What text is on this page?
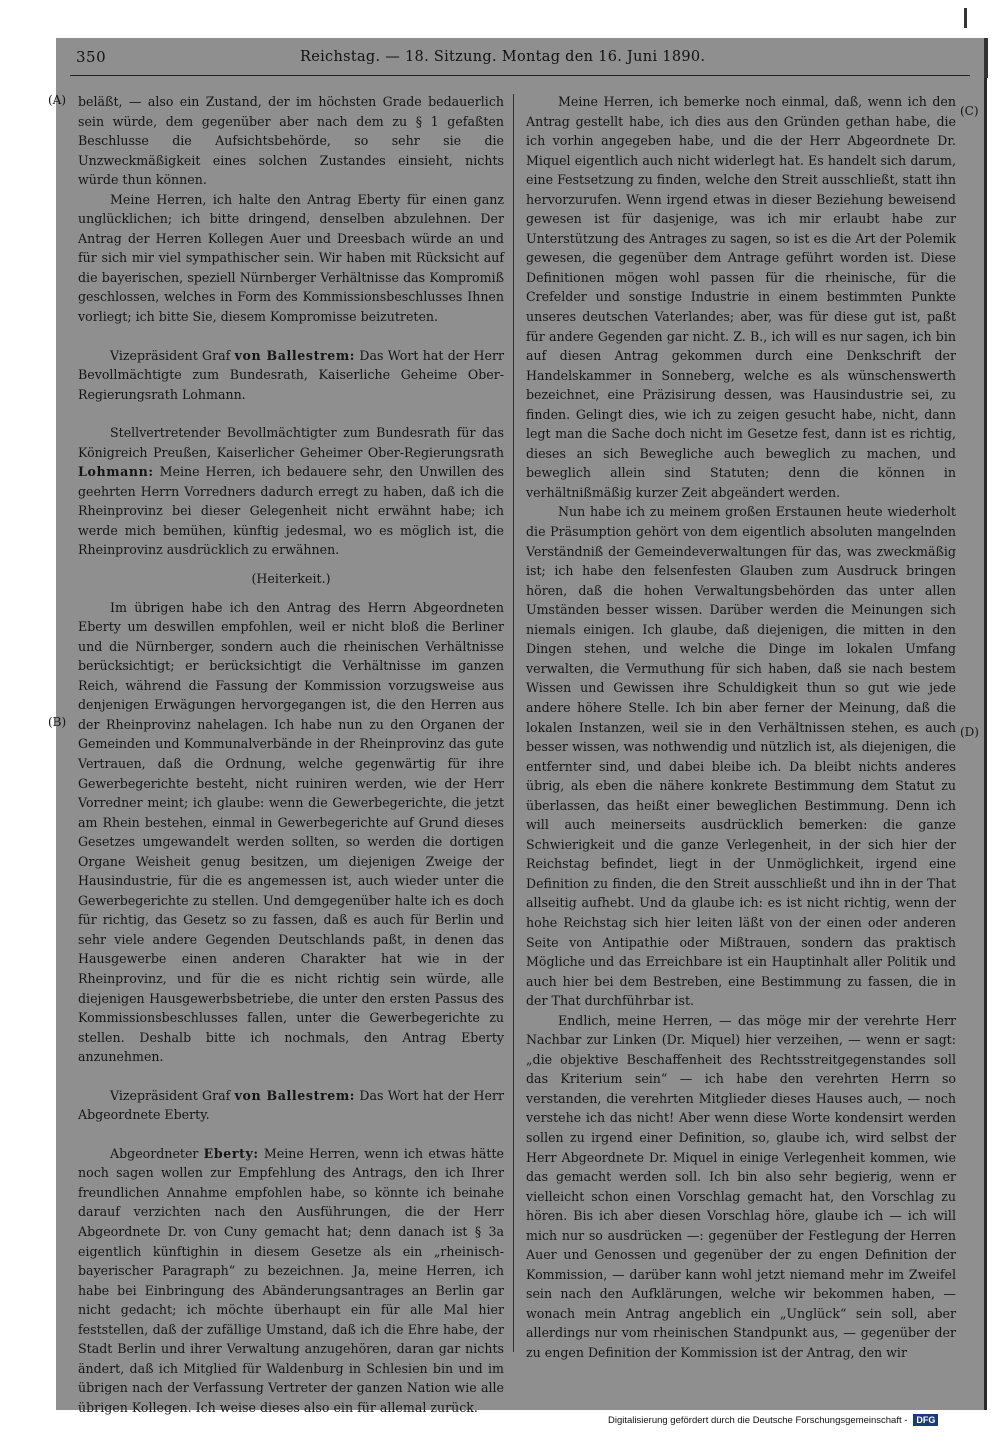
350	Reichstag. — 18. Sitzung. Montag den 16. Juni 1890.
(A)
(B)
(C)
(D)

beläßt, — also ein Zustand, der im höchsten Grade bedauerlich sein würde, dem gegenüber aber nach dem zu § 1 gefaßten Beschlusse die Aufsichtsbehörde, so sehr sie die Unzweckmäßigkeit eines solchen Zustandes einsieht, nichts würde thun können.

Meine Herren, ich halte den Antrag Eberty für einen ganz unglücklichen; ich bitte dringend, denselben abzulehnen. Der Antrag der Herren Kollegen Auer und Dreesbach würde an und für sich mir viel sympathischer sein. Wir haben mit Rücksicht auf die bayerischen, speziell Nürnberger Verhältnisse das Kompromiß geschlossen, welches in Form des Kommissionsbeschlusses Ihnen vorliegt; ich bitte Sie, diesem Kompromisse beizutreten.

Vizepräsident Graf von Ballestrem: Das Wort hat der Herr Bevollmächtigte zum Bundesrath, Kaiserliche Geheime Ober-Regierungsrath Lohmann.

Stellvertretender Bevollmächtigter zum Bundesrath für das Königreich Preußen, Kaiserlicher Geheimer Ober-Regierungsrath Lohmann: Meine Herren, ich bedauere sehr, den Unwillen des geehrten Herrn Vorredners dadurch erregt zu haben, daß ich die Rheinprovinz bei dieser Gelegenheit nicht erwähnt habe; ich werde mich bemühen, künftig jedesmal, wo es möglich ist, die Rheinprovinz ausdrücklich zu erwähnen.

(Heiterkeit.)

Im übrigen habe ich den Antrag des Herrn Abgeordneten Eberty um deswillen empfohlen, weil er nicht bloß die Berliner und die Nürnberger, sondern auch die rheinischen Verhältnisse berücksichtigt; er berücksichtigt die Verhältnisse im ganzen Reich, während die Fassung der Kommission vorzugsweise aus denjenigen Erwägungen hervorgegangen ist, die den Herren aus der Rheinprovinz nahelagen. Ich habe nun zu den Organen der Gemeinden und Kommunalverbände in der Rheinprovinz das gute Vertrauen, daß die Ordnung, welche gegenwärtig für ihre Gewerbegerichte besteht, nicht ruiniren werden, wie der Herr Vorredner meint; ich glaube: wenn die Gewerbegerichte, die jetzt am Rhein bestehen, einmal in Gewerbegerichte auf Grund dieses Gesetzes umgewandelt werden sollten, so werden die dortigen Organe Weisheit genug besitzen, um diejenigen Zweige der Hausindustrie, für die es angemessen ist, auch wieder unter die Gewerbegerichte zu stellen. Und demgegenüber halte ich es doch für richtig, das Gesetz so zu fassen, daß es auch für Berlin und sehr viele andere Gegenden Deutschlands paßt, in denen das Hausgewerbe einen anderen Charakter hat wie in der Rheinprovinz, und für die es nicht richtig sein würde, alle diejenigen Hausgewerbsbetriebe, die unter den ersten Passus des Kommissionsbeschlusses fallen, unter die Gewerbegerichte zu stellen. Deshalb bitte ich nochmals, den Antrag Eberty anzunehmen.

Vizepräsident Graf von Ballestrem: Das Wort hat der Herr Abgeordnete Eberty.

Abgeordneter Eberty: Meine Herren, wenn ich etwas hätte noch sagen wollen zur Empfehlung des Antrags, den ich Ihrer freundlichen Annahme empfohlen habe, so könnte ich beinahe darauf verzichten nach den Ausführungen, die der Herr Abgeordnete Dr. von Cuny gemacht hat; denn danach ist § 3a eigentlich künftighin in diesem Gesetze als ein „rheinisch-bayerischer Paragraph“ zu bezeichnen. Ja, meine Herren, ich habe bei Einbringung des Abänderungsantrages an Berlin gar nicht gedacht; ich möchte überhaupt ein für alle Mal hier feststellen, daß der zufällige Umstand, daß ich die Ehre habe, der Stadt Berlin und ihrer Verwaltung anzugehören, daran gar nichts ändert, daß ich Mitglied für Waldenburg in Schlesien bin und im übrigen nach der Verfassung Vertreter der ganzen Nation wie alle übrigen Kollegen. Ich weise dieses also ein für allemal zurück.

Meine Herren, ich bemerke noch einmal, daß, wenn ich den Antrag gestellt habe, ich dies aus den Gründen gethan habe, die ich vorhin angegeben habe, und die der Herr Abgeordnete Dr. Miquel eigentlich auch nicht widerlegt hat. Es handelt sich darum, eine Festsetzung zu finden, welche den Streit ausschließt, statt ihn hervorzurufen. Wenn irgend etwas in dieser Beziehung beweisend gewesen ist für dasjenige, was ich mir erlaubt habe zur Unterstützung des Antrages zu sagen, so ist es die Art der Polemik gewesen, die gegenüber dem Antrage geführt worden ist. Diese Definitionen mögen wohl passen für die rheinische, für die Crefelder und sonstige Industrie in einem bestimmten Punkte unseres deutschen Vaterlandes; aber, was für diese gut ist, paßt für andere Gegenden gar nicht. Z. B., ich will es nur sagen, ich bin auf diesen Antrag gekommen durch eine Denkschrift der Handelskammer in Sonneberg, welche es als wünschenswerth bezeichnet, eine Präzisirung dessen, was Hausindustrie sei, zu finden. Gelingt dies, wie ich zu zeigen gesucht habe, nicht, dann legt man die Sache doch nicht im Gesetze fest, dann ist es richtig, dieses an sich Bewegliche auch beweglich zu machen, und beweglich allein sind Statuten; denn die können in verhältnißmäßig kurzer Zeit abgeändert werden.

Nun habe ich zu meinem großen Erstaunen heute wiederholt die Präsumption gehört von dem eigentlich absoluten mangelnden Verständniß der Gemeindeverwaltungen für das, was zweckmäßig ist; ich habe den felsenfesten Glauben zum Ausdruck bringen hören, daß die hohen Verwaltungsbehörden das unter allen Umständen besser wissen. Darüber werden die Meinungen sich niemals einigen. Ich glaube, daß diejenigen, die mitten in den Dingen stehen, und welche die Dinge im lokalen Umfang verwalten, die Vermuthung für sich haben, daß sie nach bestem Wissen und Gewissen ihre Schuldigkeit thun so gut wie jede andere höhere Stelle. Ich bin aber ferner der Meinung, daß die lokalen Instanzen, weil sie in den Verhältnissen stehen, es auch besser wissen, was nothwendig und nützlich ist, als diejenigen, die entfernter sind, und dabei bleibe ich. Da bleibt nichts anderes übrig, als eben die nähere konkrete Bestimmung dem Statut zu überlassen, das heißt einer beweglichen Bestimmung. Denn ich will auch meinerseits ausdrücklich bemerken: die ganze Schwierigkeit und die ganze Verlegenheit, in der sich hier der Reichstag befindet, liegt in der Unmöglichkeit, irgend eine Definition zu finden, die den Streit ausschließt und ihn in der That allseitig aufhebt. Und da glaube ich: es ist nicht richtig, wenn der hohe Reichstag sich hier leiten läßt von der einen oder anderen Seite von Antipathie oder Mißtrauen, sondern das praktisch Mögliche und das Erreichbare ist ein Hauptinhalt aller Politik und auch hier bei dem Bestreben, eine Bestimmung zu fassen, die in der That durchführbar ist.

Endlich, meine Herren, — das möge mir der verehrte Herr Nachbar zur Linken (Dr. Miquel) hier verzeihen, — wenn er sagt: „die objektive Beschaffenheit des Rechtsstreitgegenstandes soll das Kriterium sein“ — ich habe den verehrten Herrn so verstanden, die verehrten Mitglieder dieses Hauses auch, — noch verstehe ich das nicht! Aber wenn diese Worte kondensirt werden sollen zu irgend einer Definition, so, glaube ich, wird selbst der Herr Abgeordnete Dr. Miquel in einige Verlegenheit kommen, wie das gemacht werden soll. Ich bin also sehr begierig, wenn er vielleicht schon einen Vorschlag gemacht hat, den Vorschlag zu hören. Bis ich aber diesen Vorschlag höre, glaube ich — ich will mich nur so ausdrücken —: gegenüber der Festlegung der Herren Auer und Genossen und gegenüber der zu engen Definition der Kommission, — darüber kann wohl jetzt niemand mehr im Zweifel sein nach den Aufklärungen, welche wir bekommen haben, — wonach mein Antrag angeblich ein „Unglück“ sein soll, aber allerdings nur vom rheinischen Standpunkt aus, — gegenüber der zu engen Definition der Kommission ist der Antrag, den wir

Digitalisierung gefördert durch die Deutsche Forschungsgemeinschaft -	DFG
